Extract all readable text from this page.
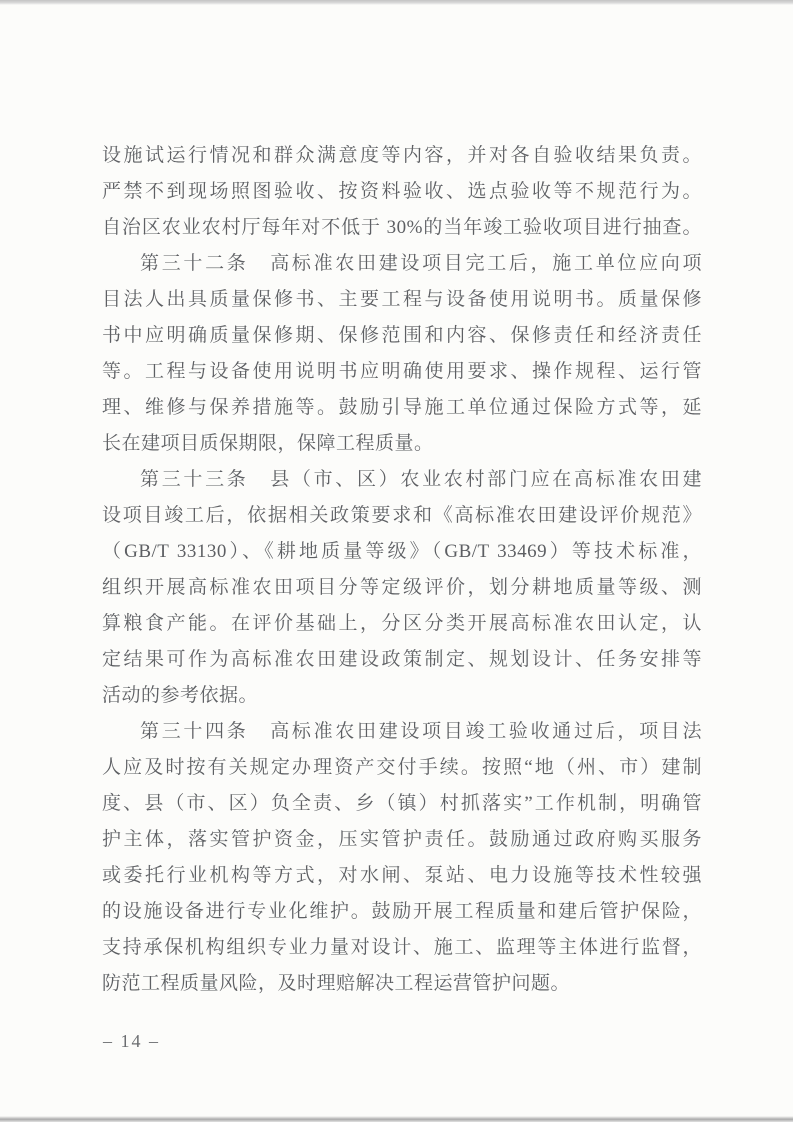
设施试运行情况和群众满意度等内容，并对各自验收结果负责。
严禁不到现场照图验收、按资料验收、选点验收等不规范行为。
自治区农业农村厅每年对不低于 30%的当年竣工验收项目进行抽查。
第三十二条　高标准农田建设项目完工后，施工单位应向项
目法人出具质量保修书、主要工程与设备使用说明书。质量保修
书中应明确质量保修期、保修范围和内容、保修责任和经济责任
等。工程与设备使用说明书应明确使用要求、操作规程、运行管
理、维修与保养措施等。鼓励引导施工单位通过保险方式等，延
长在建项目质保期限，保障工程质量。
第三十三条　县（市、区）农业农村部门应在高标准农田建
设项目竣工后，依据相关政策要求和《高标准农田建设评价规范》
（GB/T 33130）、《耕地质量等级》（GB/T 33469）等技术标准，
组织开展高标准农田项目分等定级评价，划分耕地质量等级、测
算粮食产能。在评价基础上，分区分类开展高标准农田认定，认
定结果可作为高标准农田建设政策制定、规划设计、任务安排等
活动的参考依据。
第三十四条　高标准农田建设项目竣工验收通过后，项目法
人应及时按有关规定办理资产交付手续。按照“地（州、市）建制
度、县（市、区）负全责、乡（镇）村抓落实”工作机制，明确管
护主体，落实管护资金，压实管护责任。鼓励通过政府购买服务
或委托行业机构等方式，对水闸、泵站、电力设施等技术性较强
的设施设备进行专业化维护。鼓励开展工程质量和建后管护保险，
支持承保机构组织专业力量对设计、施工、监理等主体进行监督，
防范工程质量风险，及时理赔解决工程运营管护问题。
– 14 –
